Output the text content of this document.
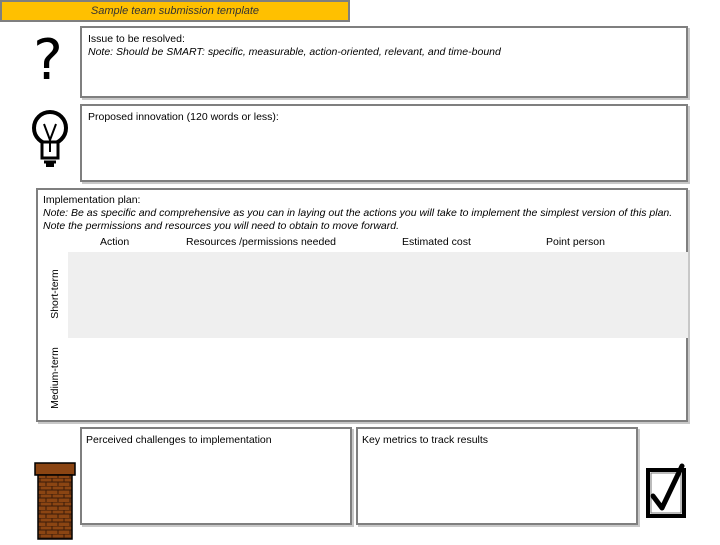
Sample team submission template
? Issue to be resolved:
Note: Should be SMART: specific, measurable, action-oriented, relevant, and time-bound
Proposed innovation (120 words or less):
Implementation plan:
Note: Be as specific and comprehensive as you can in laying out the actions you will take to implement the simplest version of this plan. Note the permissions and resources you will need to obtain to move forward.
Action	Resources /permissions needed	Estimated cost	Point person
Short-term
Medium-term
Perceived challenges to implementation	Key metrics to track results
